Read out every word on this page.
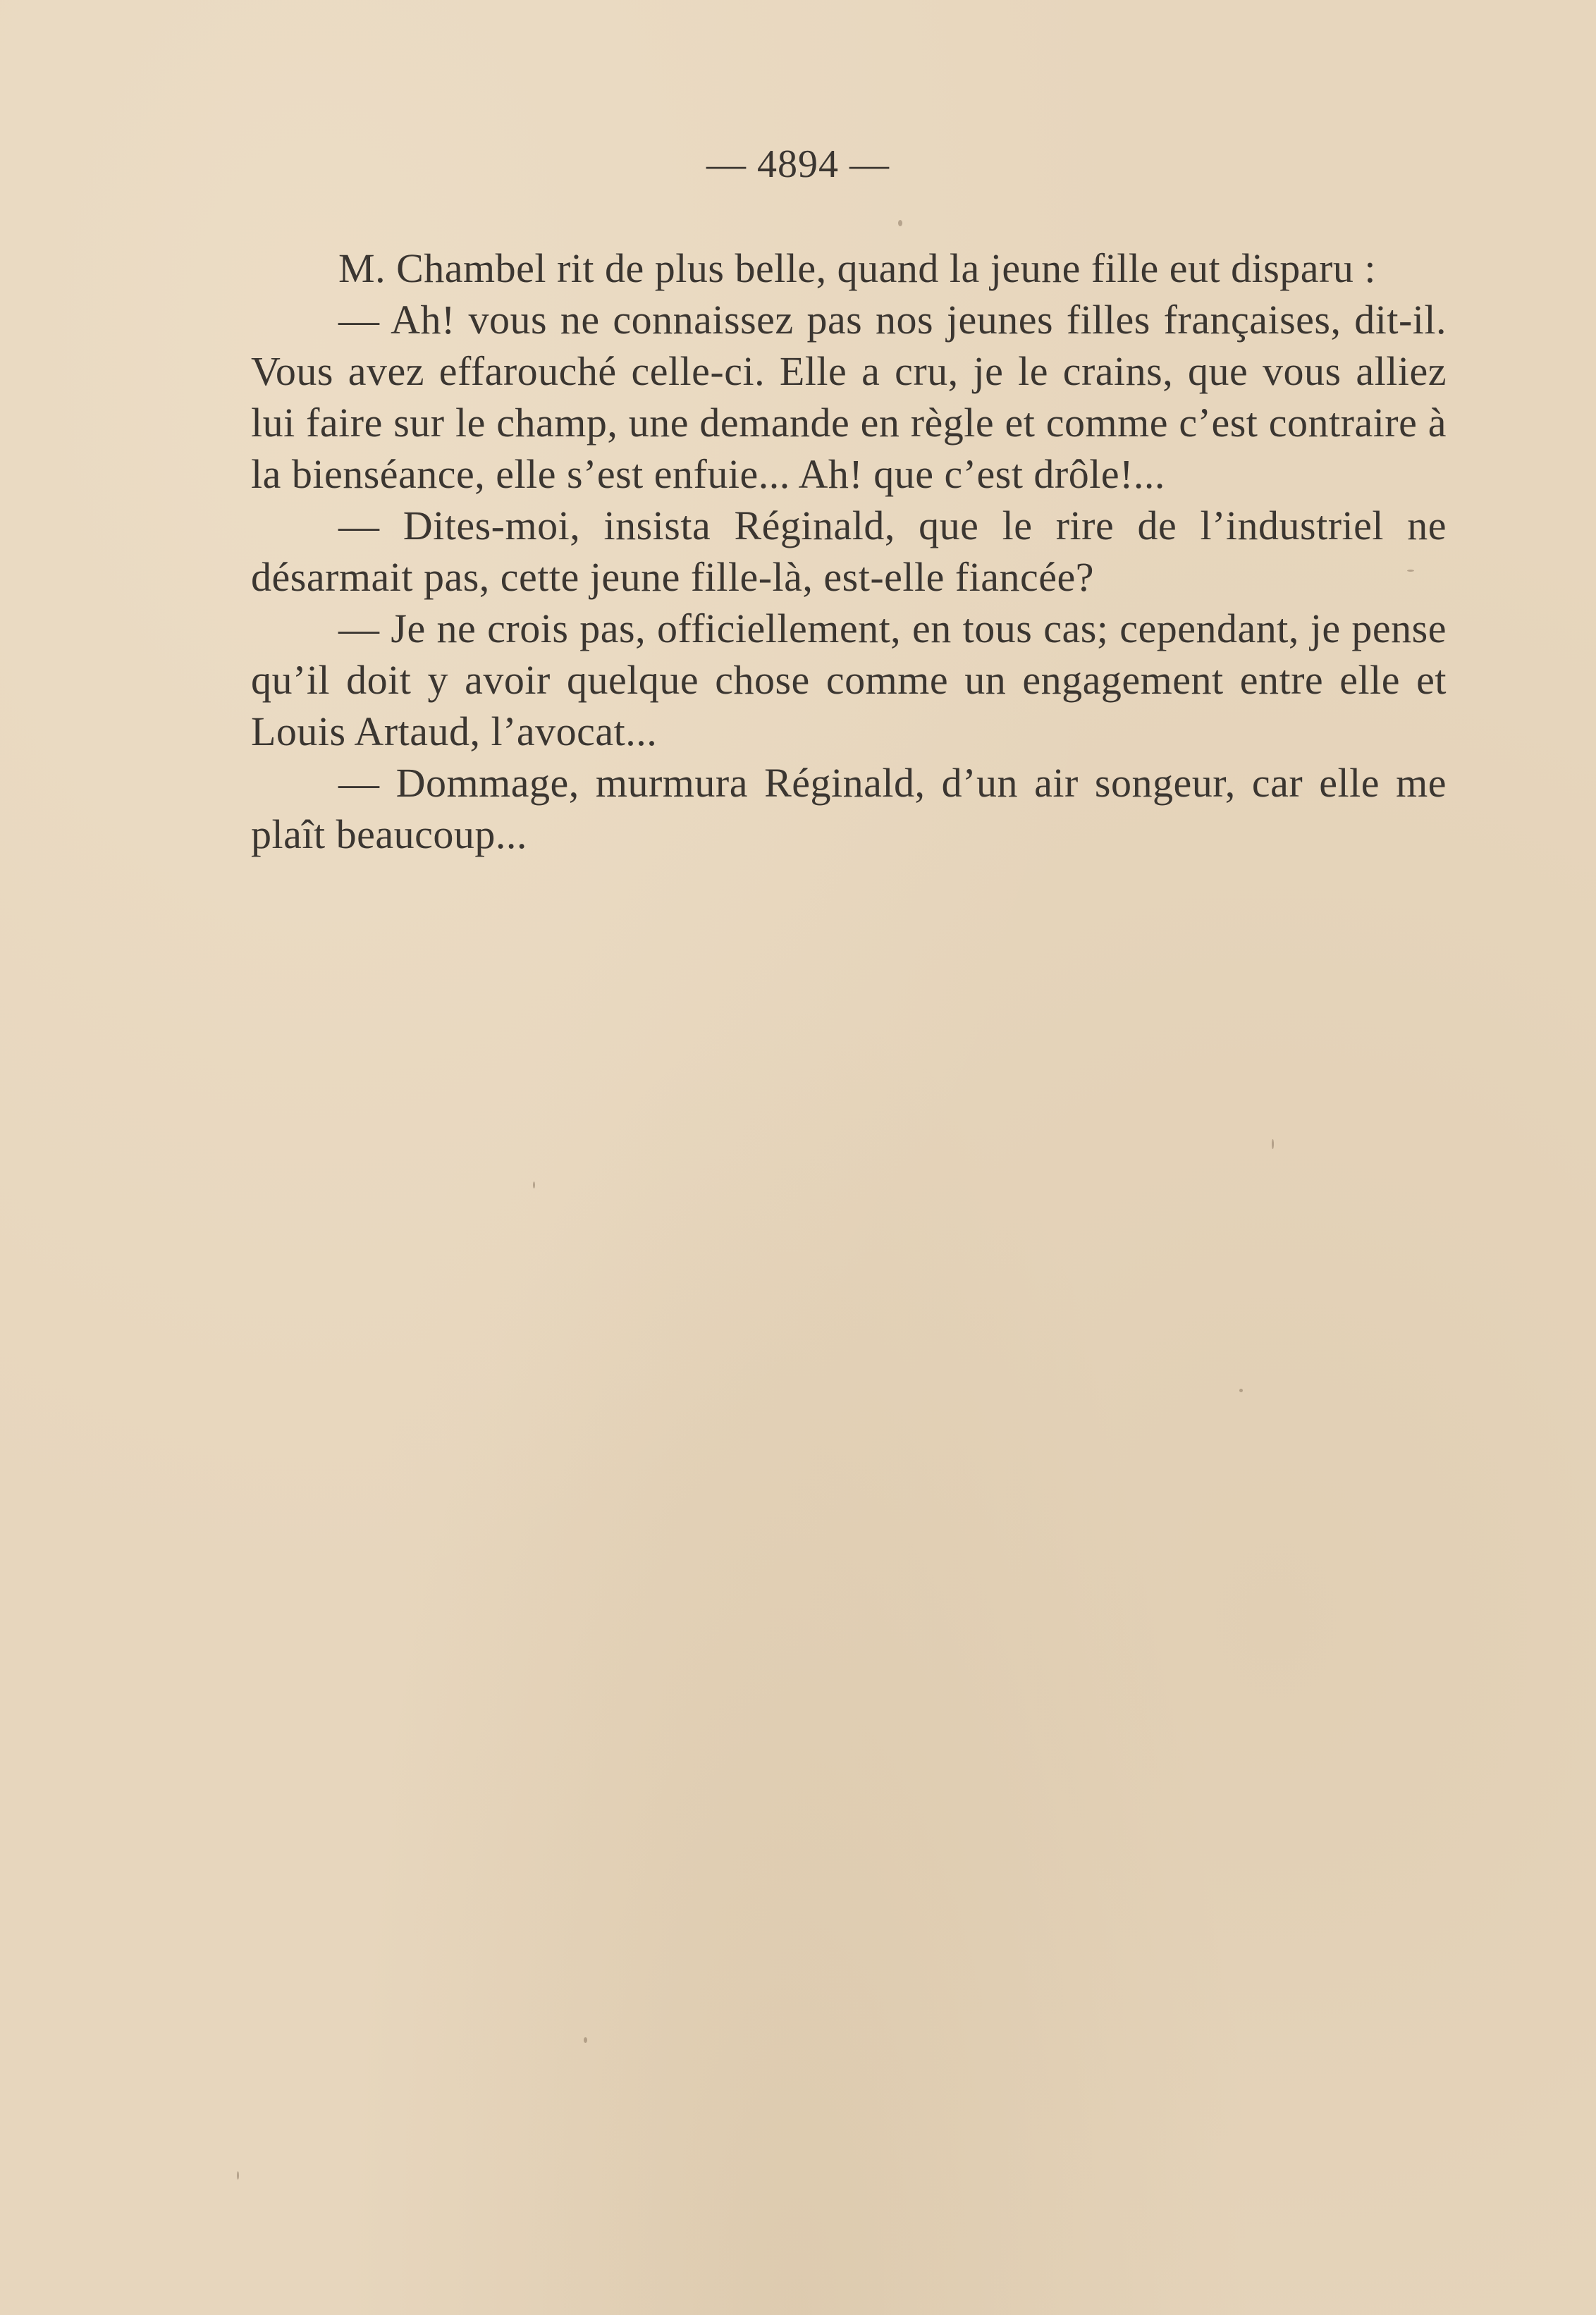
— 4894 —

M. Chambel rit de plus belle, quand la jeune fille eut disparu :

— Ah! vous ne connaissez pas nos jeunes filles françaises, dit-il. Vous avez effarouché celle-ci. Elle a cru, je le crains, que vous alliez lui faire sur le champ, une demande en règle et comme c’est contraire à la bienséance, elle s’est enfuie... Ah! que c’est drôle!...

— Dites-moi, insista Réginald, que le rire de l’industriel ne désarmait pas, cette jeune fille-là, est-elle fiancée?

— Je ne crois pas, officiellement, en tous cas; cependant, je pense qu’il doit y avoir quelque chose comme un engagement entre elle et Louis Artaud, l’avocat...

— Dommage, murmura Réginald, d’un air songeur, car elle me plaît beaucoup...
